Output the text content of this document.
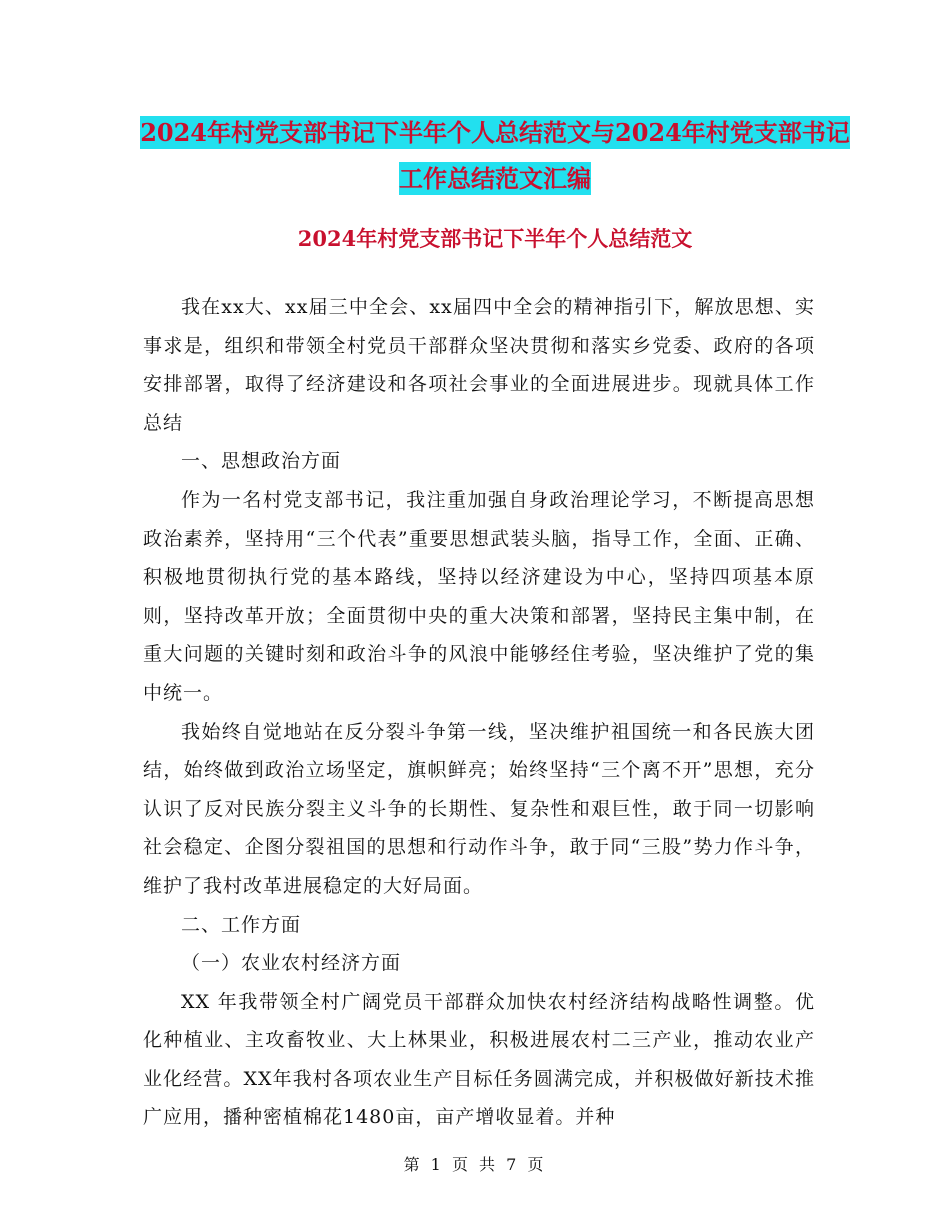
2024年村党支部书记下半年个人总结范文与2024年村党支部书记工作总结范文汇编
2024年村党支部书记下半年个人总结范文

我在xx大、xx届三中全会、xx届四中全会的精神指引下，解放思想、实事求是，组织和带领全村党员干部群众坚决贯彻和落实乡党委、政府的各项安排部署，取得了经济建设和各项社会事业的全面进展进步。现就具体工作总结

一、思想政治方面

作为一名村党支部书记，我注重加强自身政治理论学习，不断提高思想政治素养，坚持用“三个代表”重要思想武装头脑，指导工作，全面、正确、积极地贯彻执行党的基本路线，坚持以经济建设为中心，坚持四项基本原则，坚持改革开放；全面贯彻中央的重大决策和部署，坚持民主集中制，在重大问题的关键时刻和政治斗争的风浪中能够经住考验，坚决维护了党的集中统一。

我始终自觉地站在反分裂斗争第一线，坚决维护祖国统一和各民族大团结，始终做到政治立场坚定，旗帜鲜亮；始终坚持“三个离不开”思想，充分认识了反对民族分裂主义斗争的长期性、复杂性和艰巨性，敢于同一切影响社会稳定、企图分裂祖国的思想和行动作斗争，敢于同“三股”势力作斗争，维护了我村改革进展稳定的大好局面。

二、工作方面

（一）农业农村经济方面

XX 年我带领全村广阔党员干部群众加快农村经济结构战略性调整。优化种植业、主攻畜牧业、大上林果业，积极进展农村二三产业，推动农业产业化经营。XX年我村各项农业生产目标任务圆满完成，并积极做好新技术推广应用，播种密植棉花1480亩，亩产增收显着。并种

第 1 页 共 7 页
